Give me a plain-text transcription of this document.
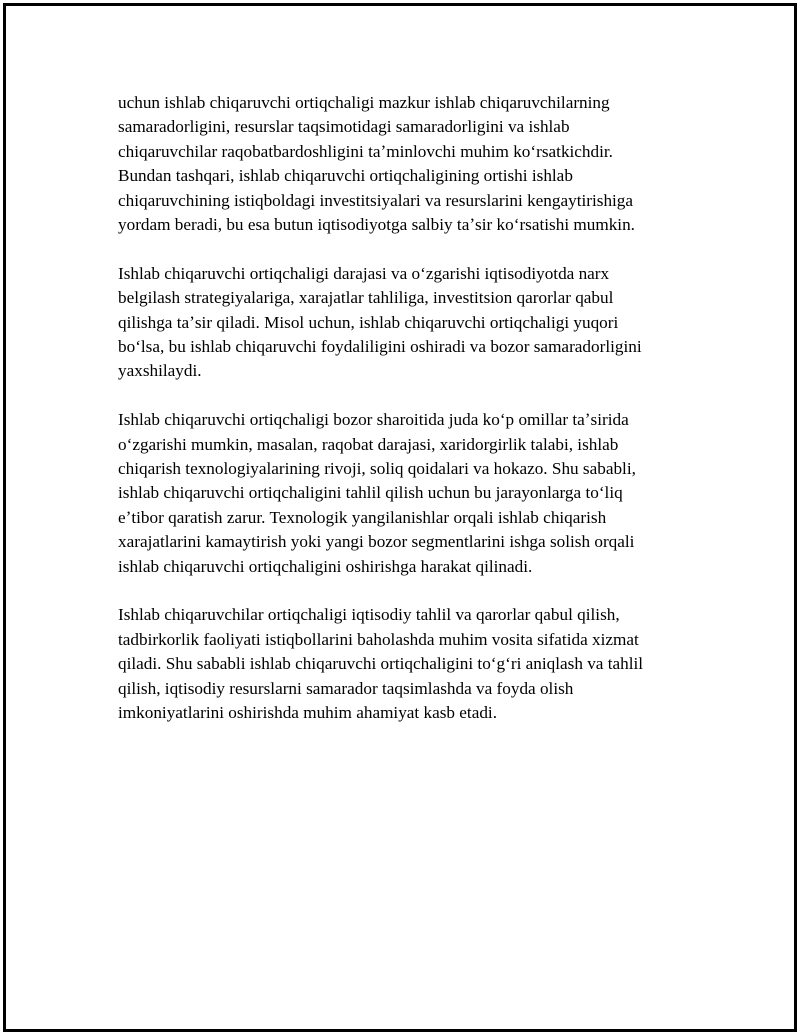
uchun ishlab chiqaruvchi ortiqchaligi mazkur ishlab chiqaruvchilarning
samaradorligini, resurslar taqsimotidagi samaradorligini va ishlab
chiqaruvchilar raqobatbardoshligini taʼminlovchi muhim koʻrsatkichdir.
Bundan tashqari, ishlab chiqaruvchi ortiqchaligining ortishi ishlab
chiqaruvchining istiqboldagi investitsiyalari va resurslarini kengaytirishiga
yordam beradi, bu esa butun iqtisodiyotga salbiy taʼsir koʻrsatishi mumkin.

Ishlab chiqaruvchi ortiqchaligi darajasi va oʻzgarishi iqtisodiyotda narx
belgilash strategiyalariga, xarajatlar tahliliga, investitsion qarorlar qabul
qilishga taʼsir qiladi. Misol uchun, ishlab chiqaruvchi ortiqchaligi yuqori
boʻlsa, bu ishlab chiqaruvchi foydaliligini oshiradi va bozor samaradorligini
yaxshilaydi.

Ishlab chiqaruvchi ortiqchaligi bozor sharoitida juda koʻp omillar taʼsirida
oʻzgarishi mumkin, masalan, raqobat darajasi, xaridorgirlik talabi, ishlab
chiqarish texnologiyalarining rivoji, soliq qoidalari va hokazo. Shu sababli,
ishlab chiqaruvchi ortiqchaligini tahlil qilish uchun bu jarayonlarga toʻliq
eʼtibor qaratish zarur. Texnologik yangilanishlar orqali ishlab chiqarish
xarajatlarini kamaytirish yoki yangi bozor segmentlarini ishga solish orqali
ishlab chiqaruvchi ortiqchaligini oshirishga harakat qilinadi.

Ishlab chiqaruvchilar ortiqchaligi iqtisodiy tahlil va qarorlar qabul qilish,
tadbirkorlik faoliyati istiqbollarini baholashda muhim vosita sifatida xizmat
qiladi. Shu sababli ishlab chiqaruvchi ortiqchaligini toʻgʻri aniqlash va tahlil
qilish, iqtisodiy resurslarni samarador taqsimlashda va foyda olish
imkoniyatlarini oshirishda muhim ahamiyat kasb etadi.
